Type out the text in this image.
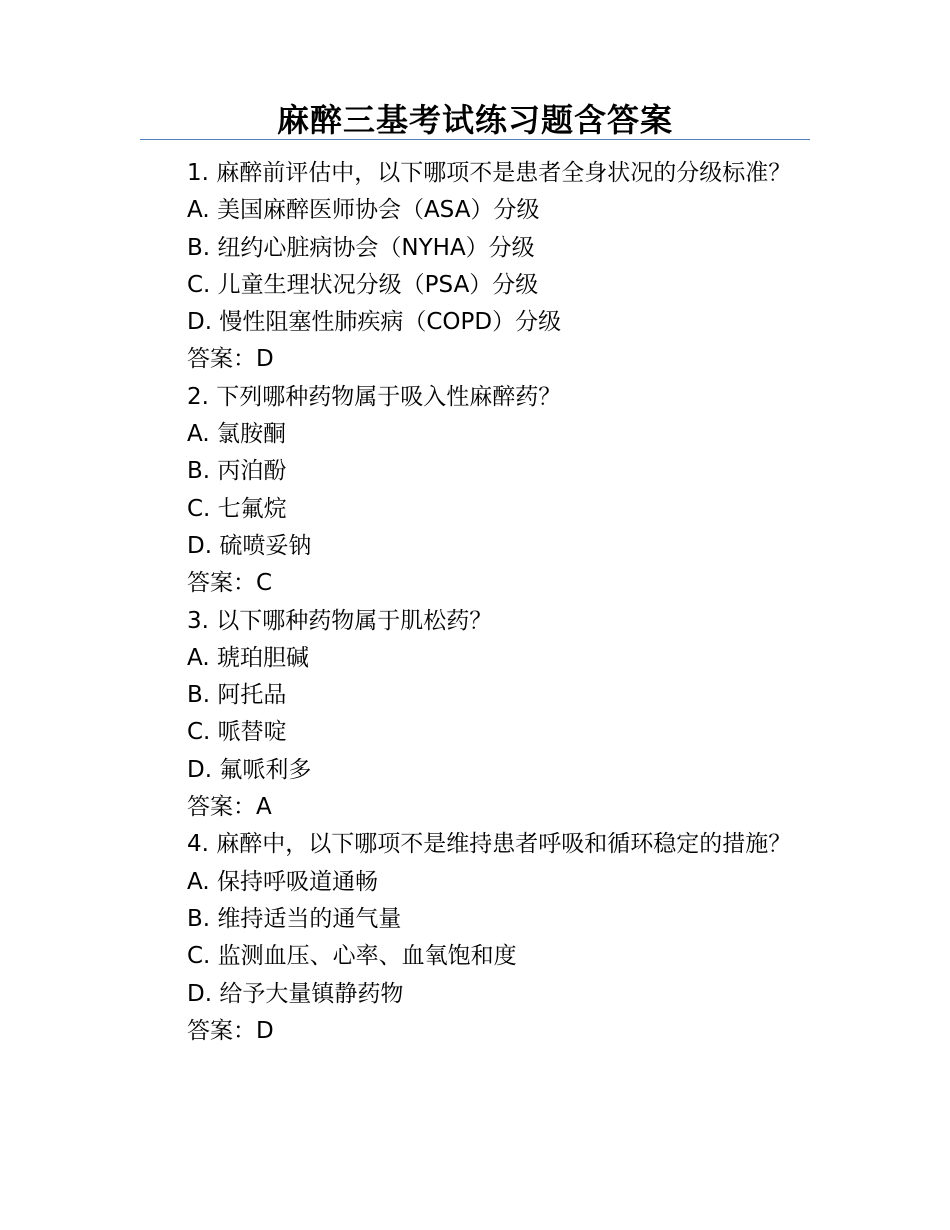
麻醉三基考试练习题含答案

1. 麻醉前评估中，以下哪项不是患者全身状况的分级标准？

A. 美国麻醉医师协会（ASA）分级

B. 纽约心脏病协会（NYHA）分级

C. 儿童生理状况分级（PSA）分级

D. 慢性阻塞性肺疾病（COPD）分级

答案：D

2. 下列哪种药物属于吸入性麻醉药？

A. 氯胺酮

B. 丙泊酚

C. 七氟烷

D. 硫喷妥钠

答案：C

3. 以下哪种药物属于肌松药？

A. 琥珀胆碱

B. 阿托品

C. 哌替啶

D. 氟哌利多

答案：A

4. 麻醉中，以下哪项不是维持患者呼吸和循环稳定的措施？

A. 保持呼吸道通畅

B. 维持适当的通气量

C. 监测血压、心率、血氧饱和度

D. 给予大量镇静药物

答案：D
